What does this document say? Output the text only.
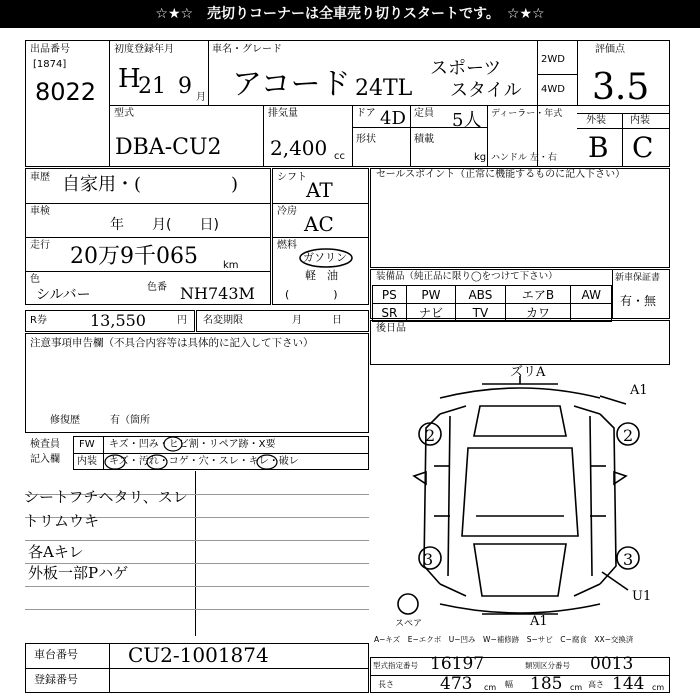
☆★☆　売切りコーナーは全車売り切りスタートです。　☆★☆
出品番号
[1874]
8022
初度登録年月
H
21 9 月
車名・グレード
アコード 24TL
スポーツ
スタイル
2WD
4WD
評価点
3.5
型式
DBA-CU2
排気量
2,400 cc
ドア 4D
形状
定員 5人
積載
kg
ディーラー・年式
ハンドル 左・右
外装 内装
B C
車歴 自家用・(　　　　　)
車検
年　　月(　　日)
走行 20万9千065	km
色
シルバー	色番 NH743M
シフト
AT
冷房
AC
燃料
ガソリン
軽　油
(　　　　)
セールスポイント（正常に機能するものに記入下さい）
装備品（純正品に限り◯をつけて下さい）	新車保証書
有・無
PS	PW	ABS	エアB	AW
SR	ナビ	TV	カワ	
R券	13,550	円 名変期限	月　　　日
後日品
注意事項申告欄（不具合内容等は具体的に記入して下さい）
修復歴	有（箇所
検査員
記入欄
FW キズ・凹み・ヒビ割・リペア跡・X要
内装 キズ・汚れ・コゲ・穴・スレ・キレ・破レ
シートフチヘタリ、スレ
トリムウキ
各Aキレ
外板一部Pハゲ
ズリA
A1
2	2
3	3
U1
A1
スペア
A−キズ　E−エクボ　U−凹み　W−補修跡　S−サビ　C−腐食　XX−交換済
車台番号	CU2-1001874
登録番号
型式指定番号 16197	類別区分番号 0013
長さ	473 cm 幅 185 cm 高さ 144 cm
